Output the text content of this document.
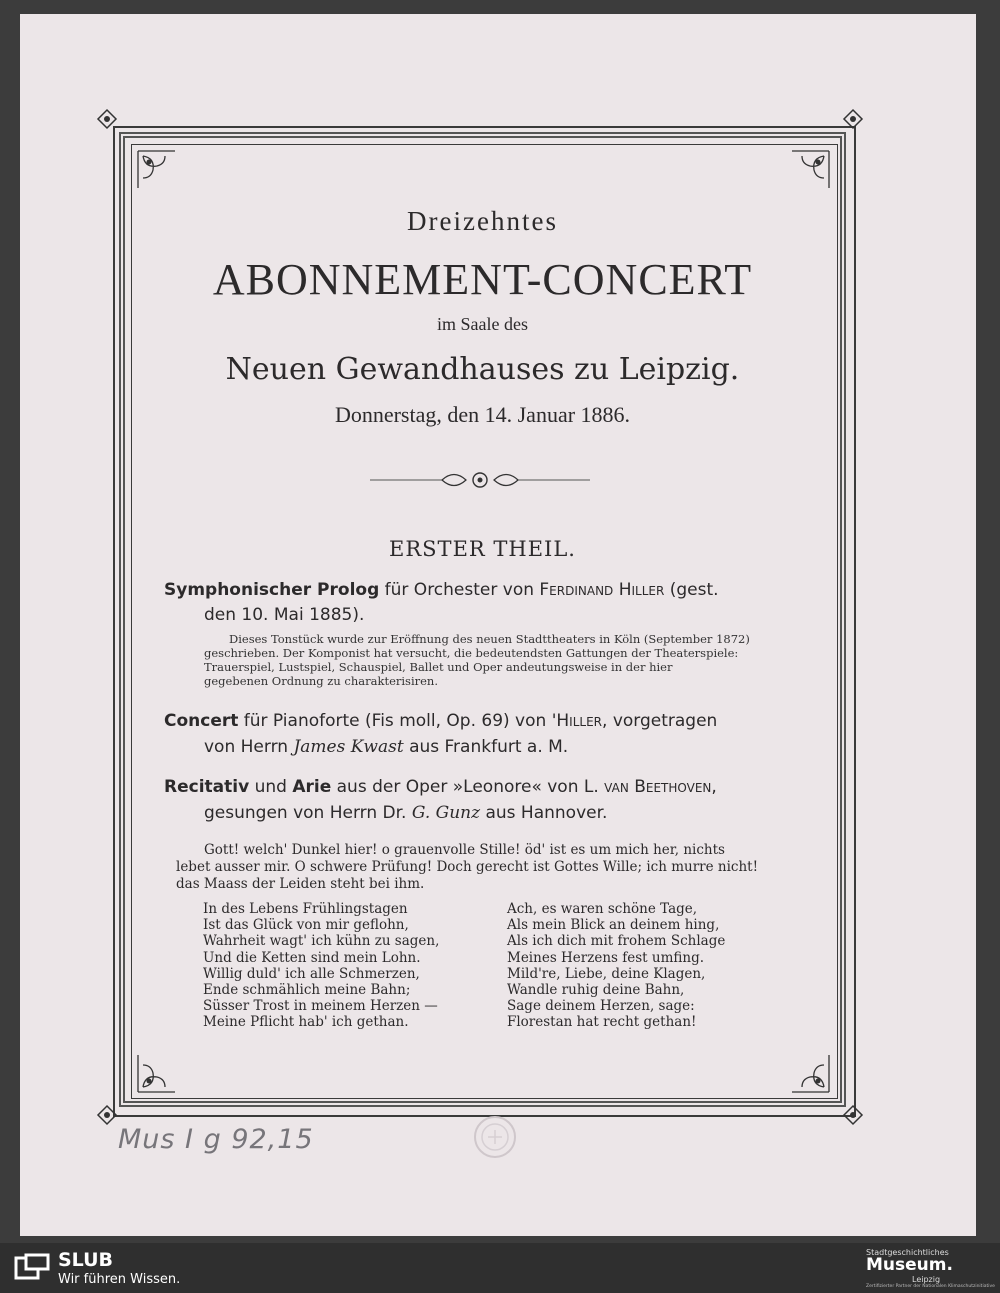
Dreizehntes
ABONNEMENT-CONCERT
im Saale des
Neuen Gewandhauses zu Leipzig.
Donnerstag, den 14. Januar 1886.
ERSTER THEIL.
Symphonischer Prolog für Orchester von Ferdinand Hiller (gest.
den 10. Mai 1885).
Dieses Tonstück wurde zur Eröffnung des neuen Stadttheaters in Köln (September 1872)
geschrieben. Der Komponist hat versucht, die bedeutendsten Gattungen der Theaterspiele:
Trauerspiel, Lustspiel, Schauspiel, Ballet und Oper andeutungsweise in der hier
gegebenen Ordnung zu charakterisiren.
Concert für Pianoforte (Fis moll, Op. 69) von 'Hiller, vorgetragen
von Herrn James Kwast aus Frankfurt a. M.
Recitativ und Arie aus der Oper »Leonore« von L. van Beethoven,
gesungen von Herrn Dr. G. Gunz aus Hannover.
Gott! welch' Dunkel hier! o grauenvolle Stille! öd' ist es um mich her, nichts
lebet ausser mir. O schwere Prüfung! Doch gerecht ist Gottes Wille; ich murre nicht!
das Maass der Leiden steht bei ihm.
In des Lebens Frühlingstagen
Ist das Glück von mir geflohn,
Wahrheit wagt' ich kühn zu sagen,
Und die Ketten sind mein Lohn.
Willig duld' ich alle Schmerzen,
Ende schmählich meine Bahn;
Süsser Trost in meinem Herzen —
Meine Pflicht hab' ich gethan.
Ach, es waren schöne Tage,
Als mein Blick an deinem hing,
Als ich dich mit frohem Schlage
Meines Herzens fest umfing.
Mild're, Liebe, deine Klagen,
Wandle ruhig deine Bahn,
Sage deinem Herzen, sage:
Florestan hat recht gethan!
Mus I g 92,15
SLUB
Wir führen Wissen.
Stadtgeschichtliches
Museum.
Leipzig
Zertifizierter Partner der Nationalen Klimaschutzinitiative
